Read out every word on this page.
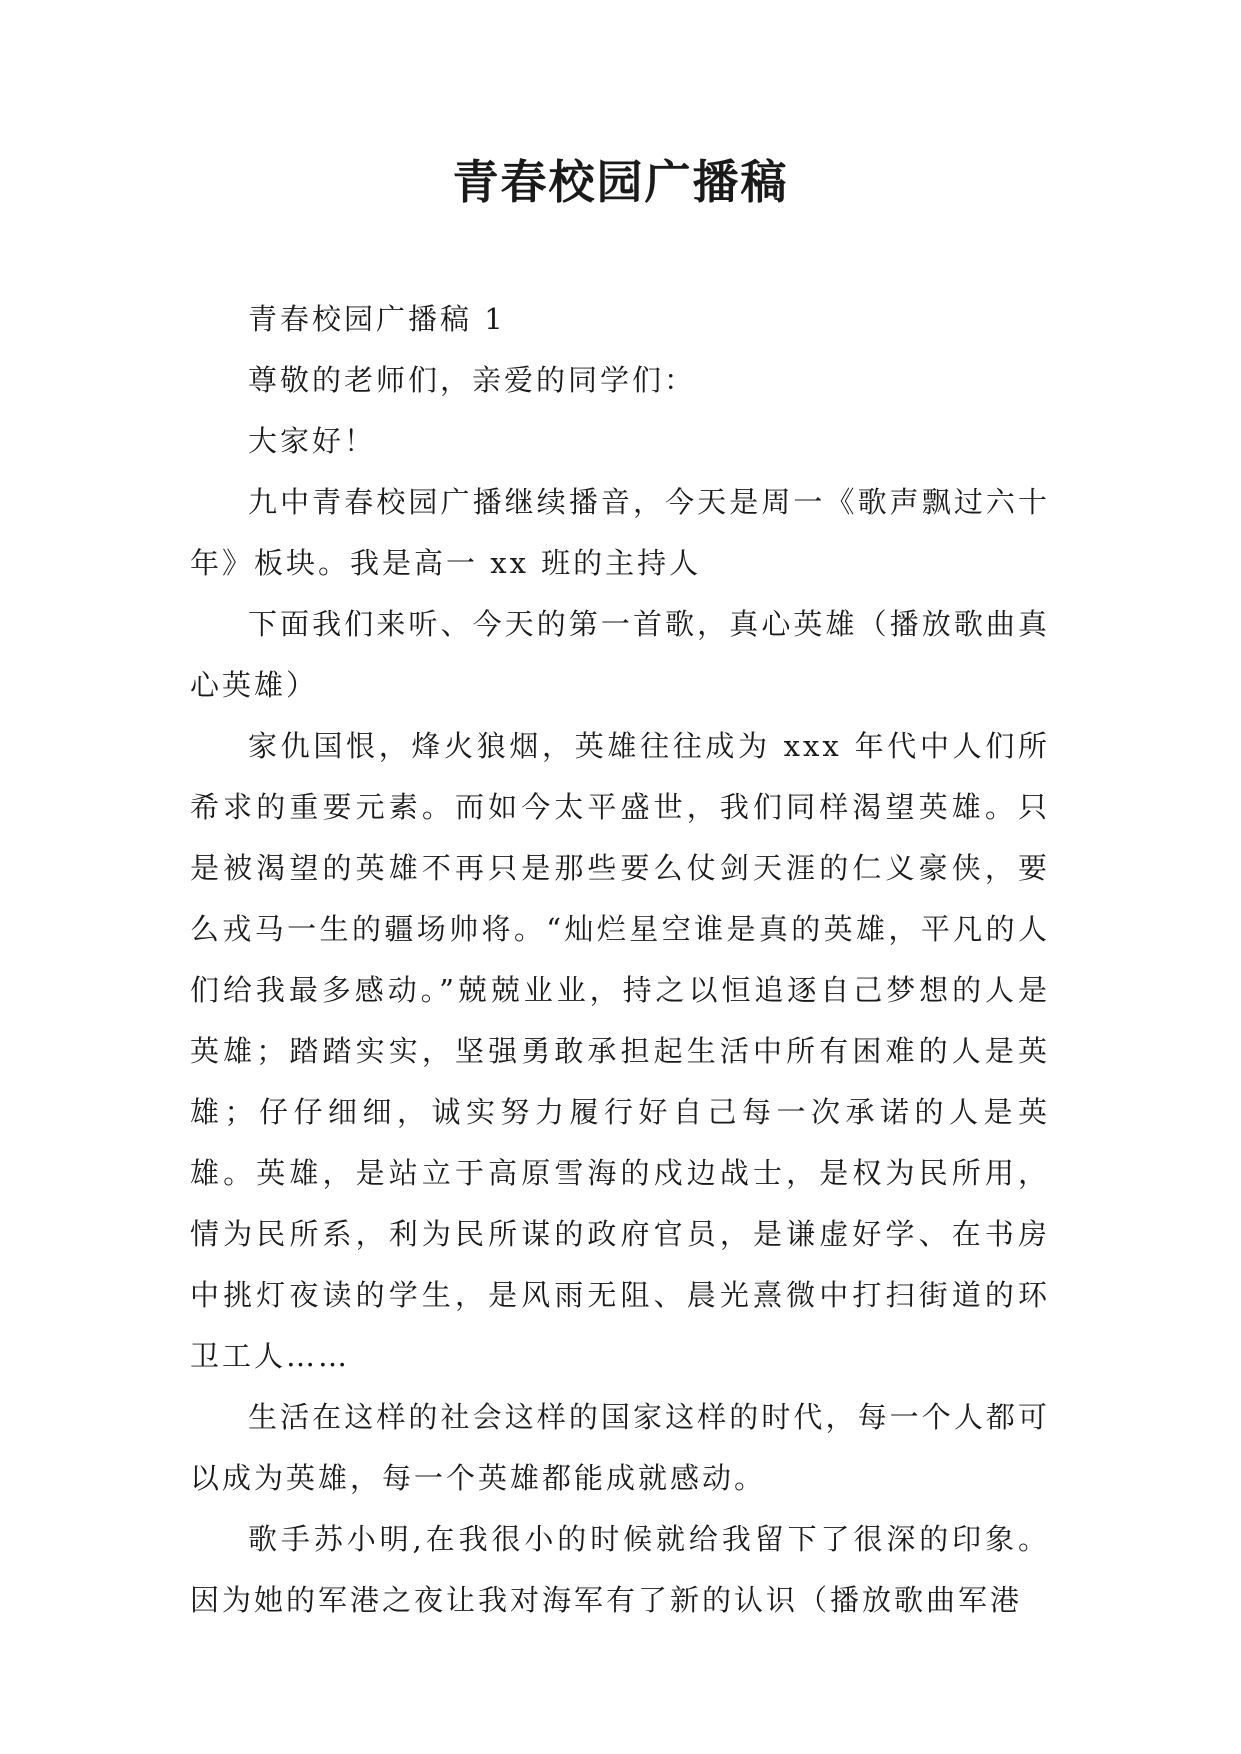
青春校园广播稿

青春校园广播稿 1

尊敬的老师们，亲爱的同学们：

大家好！

九中青春校园广播继续播音，今天是周一《歌声飘过六十年》板块。我是高一 xx 班的主持人

下面我们来听、今天的第一首歌，真心英雄（播放歌曲真心英雄）

家仇国恨，烽火狼烟，英雄往往成为 xxx 年代中人们所希求的重要元素。而如今太平盛世，我们同样渴望英雄。只是被渴望的英雄不再只是那些要么仗剑天涯的仁义豪侠，要么戎马一生的疆场帅将。“灿烂星空谁是真的英雄，平凡的人们给我最多感动。”兢兢业业，持之以恒追逐自己梦想的人是英雄；踏踏实实，坚强勇敢承担起生活中所有困难的人是英雄；仔仔细细，诚实努力履行好自己每一次承诺的人是英雄。英雄，是站立于高原雪海的戍边战士，是权为民所用，情为民所系，利为民所谋的政府官员，是谦虚好学、在书房中挑灯夜读的学生，是风雨无阻、晨光熹微中打扫街道的环卫工人……

生活在这样的社会这样的国家这样的时代，每一个人都可以成为英雄，每一个英雄都能成就感动。

歌手苏小明,在我很小的时候就给我留下了很深的印象。因为她的军港之夜让我对海军有了新的认识（播放歌曲军港
